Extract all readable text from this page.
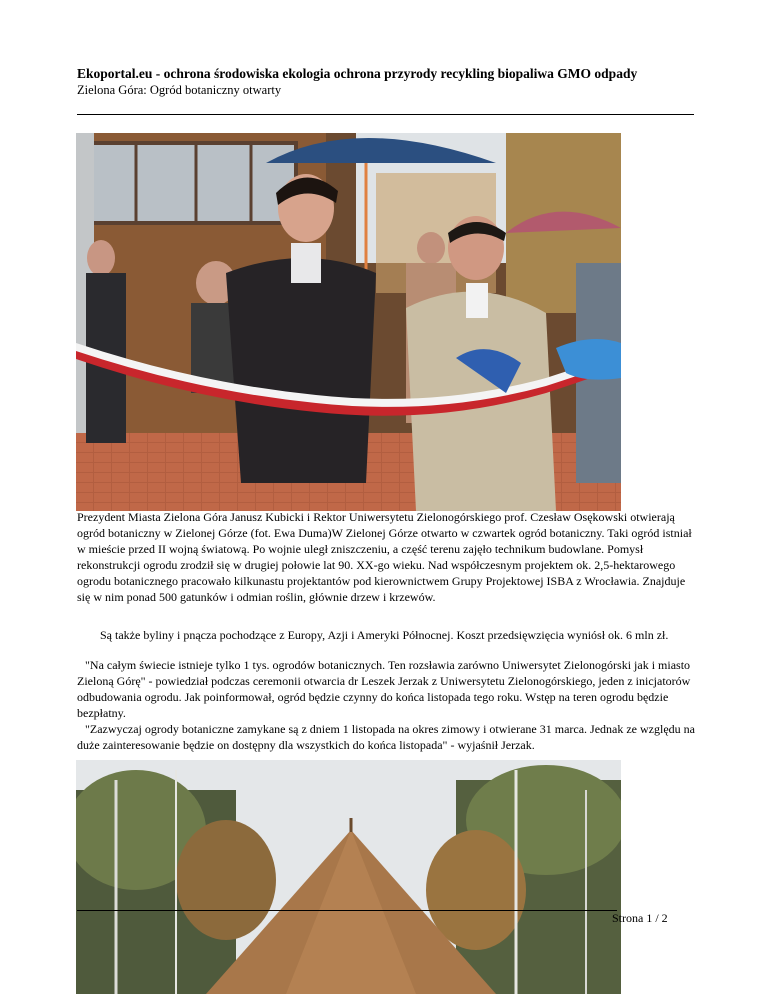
Ekoportal.eu - ochrona środowiska ekologia ochrona przyrody recykling biopaliwa GMO odpady
Zielona Góra: Ogród botaniczny otwarty
Prezydent Miasta Zielona Góra Janusz Kubicki i Rektor Uniwersytetu Zielonogórskiego prof. Czesław Osękowski otwierają ogród botaniczny w Zielonej Górze (fot. Ewa Duma)W Zielonej Górze otwarto w czwartek ogród botaniczny. Taki ogród istniał w mieście przed II wojną światową. Po wojnie uległ zniszczeniu, a część terenu zajęło technikum budowlane. Pomysł rekonstrukcji ogrodu zrodził się w drugiej połowie lat 90. XX-go wieku. Nad współczesnym projektem ok. 2,5-hektarowego ogrodu botanicznego pracowało kilkunastu projektantów pod kierownictwem Grupy Projektowej ISBA z Wrocławia. Znajduje się w nim ponad 500 gatunków i odmian roślin, głównie drzew i krzewów.
Są także byliny i pnącza pochodzące z Europy, Azji i Ameryki Północnej. Koszt przedsięwzięcia wyniósł ok. 6 mln zł.
"Na całym świecie istnieje tylko 1 tys. ogrodów botanicznych. Ten rozsławia zarówno Uniwersytet Zielonogórski jak i miasto Zieloną Górę" - powiedział podczas ceremonii otwarcia dr Leszek Jerzak z Uniwersytetu Zielonogórskiego, jeden z inicjatorów odbudowania ogrodu. Jak poinformował, ogród będzie czynny do końca listopada tego roku. Wstęp na teren ogrodu będzie bezpłatny.
"Zazwyczaj ogrody botaniczne zamykane są z dniem 1 listopada na okres zimowy i otwierane 31 marca. Jednak ze względu na duże zainteresowanie będzie on dostępny dla wszystkich do końca listopada" - wyjaśnił Jerzak.
Strona 1 / 2
